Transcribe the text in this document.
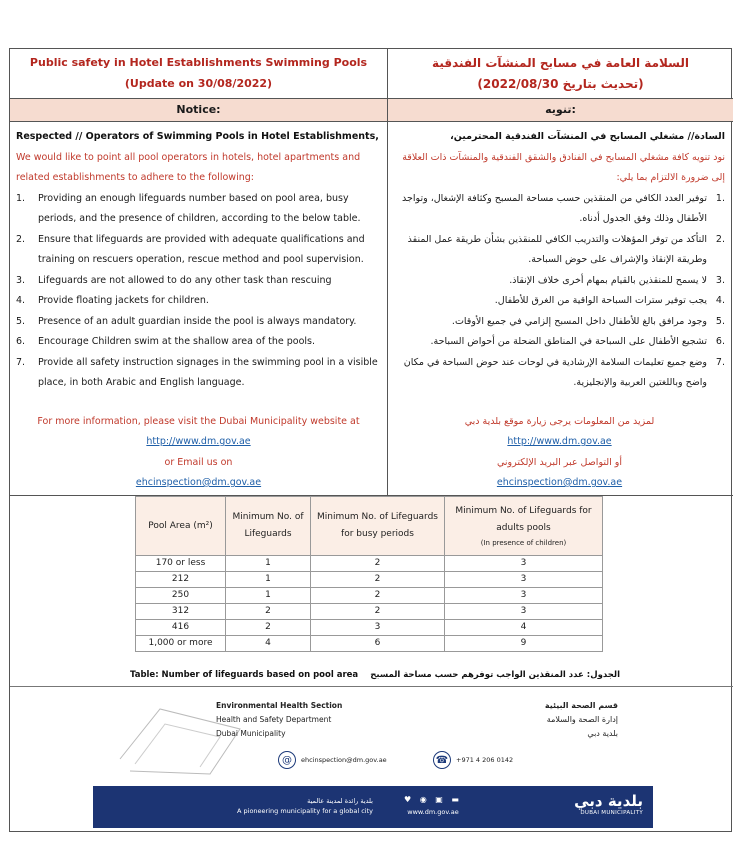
Public safety in Hotel Establishments Swimming Pools
(Update on 30/08/2022)
السلامة العامة في مسابح المنشآت الفندقية
(تحديث بتاريخ 2022/08/30)
Notice:	تنويه:
Respected // Operators of Swimming Pools in Hotel Establishments,
We would like to point all pool operators in hotels, hotel apartments and related establishments to adhere to the following:
1. Providing an enough lifeguards number based on pool area, busy periods, and the presence of children, according to the below table.
2. Ensure that lifeguards are provided with adequate qualifications and training on rescuers operation, rescue method and pool supervision.
3. Lifeguards are not allowed to do any other task than rescuing
4. Provide floating jackets for children.
5. Presence of an adult guardian inside the pool is always mandatory.
6. Encourage Children swim at the shallow area of the pools.
7. Provide all safety instruction signages in the swimming pool in a visible place, in both Arabic and English language.
For more information, please visit the Dubai Municipality website at
http://www.dm.gov.ae
or Email us on
ehcinspection@dm.gov.ae
السادة// مشغلي المسابح في المنشآت الفندقية المحترمين،
نود تنويه كافة مشغلي المسابح في الفنادق والشقق الفندقية والمنشآت ذات العلاقة إلى ضرورة الالتزام بما يلي:
.1
توفير العدد الكافي من المنقذين حسب مساحة المسبح وكثافة الإشغال، وتواجد الأطفال وذلك وفق الجدول أدناه.
.2
التأكد من توفر المؤهلات والتدريب الكافي للمنقذين بشأن طريقة عمل المنقذ وطريقة الإنقاذ والإشراف على حوض السباحة.
.3
لا يسمح للمنقذين بالقيام بمهام أخرى خلاف الإنقاذ.
.4
يجب توفير سترات السباحة الواقية من الغرق للأطفال.
.5
وجود مرافق بالغ للأطفال داخل المسبح إلزامي في جميع الأوقات.
.6
تشجيع الأطفال على السباحة في المناطق الضحلة من أحواض السباحة.
.7
وضع جميع تعليمات السلامة الإرشادية في لوحات عند حوض السباحة في مكان واضح وباللغتين العربية والإنجليزية.
لمزيد من المعلومات يرجى زيارة موقع بلدية دبي
http://www.dm.gov.ae
أو التواصل عبر البريد الإلكتروني
ehcinspection@dm.gov.ae
Pool Area (m²)	Minimum No. of Lifeguards	Minimum No. of Lifeguards for busy periods	Minimum No. of Lifeguards for adults pools
(In presence of children)

170 or less	1	2	3
212	1	2	3
250	1	2	3
312	2	2	3
416	2	3	4
1,000 or more	4	6	9
Table: Number of lifeguards based on pool area الجدول: عدد المنقذين الواجب توفرهم حسب مساحة المسبح
Environmental Health Section
Health and Safety Department
Dubai Municipality
قسم الصحة البيئية
إدارة الصحة والسلامة
بلدية دبي
@	ehcinspection@dm.gov.ae	☎	+971 4 206 0142
بلدية رائدة لمدينة عالمية
A pioneering municipality for a global city
♥ ◉ ▣ ▬
www.dm.gov.ae
بلدية دبي
DUBAI MUNICIPALITY
